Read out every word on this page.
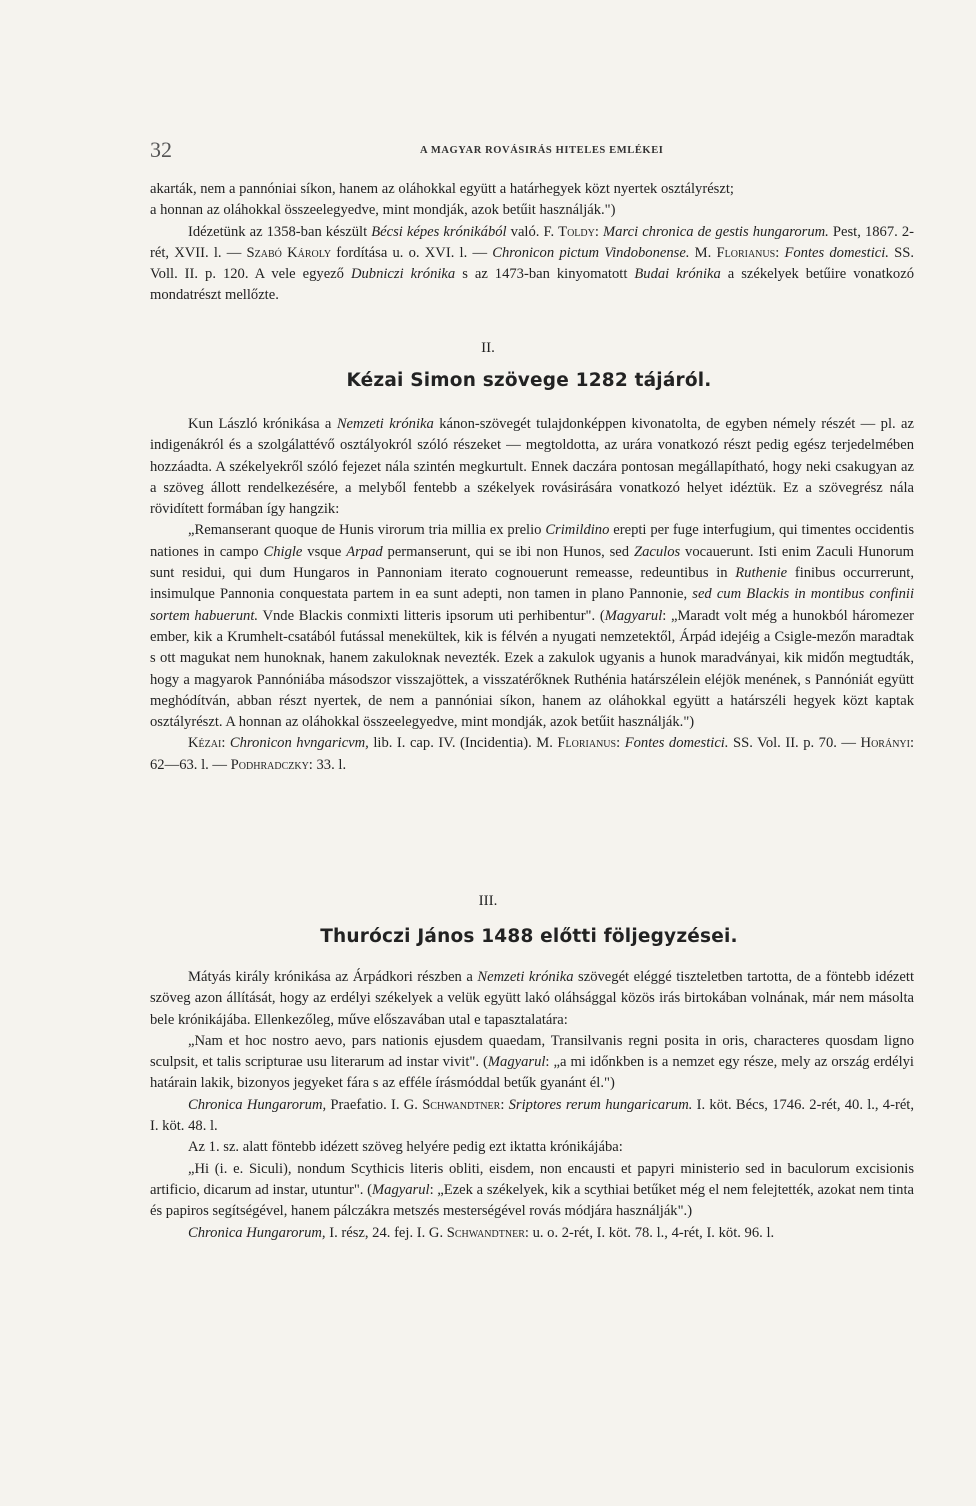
32	A MAGYAR ROVÁSIRÁS HITELES EMLÉKEI

akarták, nem a pannóniai síkon, hanem az oláhokkal együtt a határhegyek közt nyertek osztályrészt;

a honnan az oláhokkal összeelegyedve, mint mondják, azok betűit használják.")

Idézetünk az 1358-ban készült Bécsi képes krónikából való. F. Toldy: Marci chronica de gestis hungarorum. Pest, 1867. 2-rét, XVII. l. — Szabó Károly fordítása u. o. XVI. l. — Chronicon pictum Vindobonense. M. Florianus: Fontes domestici. SS. Voll. II. p. 120. A vele egyező Dubniczi krónika s az 1473-ban kinyomatott Budai krónika a székelyek betűire vonatkozó mondatrészt mellőzte.

II.
Kézai Simon szövege 1282 tájáról.

Kun László krónikása a Nemzeti krónika kánon-szövegét tulajdonképpen kivonatolta, de egyben némely részét — pl. az indigenákról és a szolgálattévő osztályokról szóló részeket — megtoldotta, az urára vonatkozó részt pedig egész terjedelmében hozzáadta. A székelyekről szóló fejezet nála szintén megkurtult. Ennek daczára pontosan megállapítható, hogy neki csakugyan az a szöveg állott rendelkezésére, a melyből fentebb a székelyek rovásirására vonatkozó helyet idéztük. Ez a szövegrész nála rövidített formában így hangzik:

„Remanserant quoque de Hunis virorum tria millia ex prelio Crimildino erepti per fuge interfugium, qui timentes occidentis nationes in campo Chigle vsque Arpad permanserunt, qui se ibi non Hunos, sed Zaculos vocauerunt. Isti enim Zaculi Hunorum sunt residui, qui dum Hungaros in Pannoniam iterato cognouerunt remeasse, redeuntibus in Ruthenie finibus occurrerunt, insimulque Pannonia conquestata partem in ea sunt adepti, non tamen in plano Pannonie, sed cum Blackis in montibus confinii sortem habuerunt. Vnde Blackis conmixti litteris ipsorum uti perhibentur". (Magyarul: „Maradt volt még a hunokból háromezer ember, kik a Krumhelt-csatából futással menekültek, kik is félvén a nyugati nemzetektől, Árpád idejéig a Csigle-mezőn maradtak s ott magukat nem hunoknak, hanem zakuloknak nevezték. Ezek a zakulok ugyanis a hunok maradványai, kik midőn megtudták, hogy a magyarok Pannóniába másodszor visszajöttek, a visszatérőknek Ruthénia határszélein eléjök menének, s Pannóniát együtt meghódítván, abban részt nyertek, de nem a pannóniai síkon, hanem az oláhokkal együtt a határszéli hegyek közt kaptak osztályrészt. A honnan az oláhokkal összeelegyedve, mint mondják, azok betűit használják.")

Kézai: Chronicon hvngaricvm, lib. I. cap. IV. (Incidentia). M. Florianus: Fontes domestici. SS. Vol. II. p. 70. — Horányi: 62—63. l. — Podhradczky: 33. l.

III.
Thuróczi János 1488 előtti följegyzései.

Mátyás király krónikása az Árpádkori részben a Nemzeti krónika szövegét eléggé tiszteletben tartotta, de a föntebb idézett szöveg azon állítását, hogy az erdélyi székelyek a velük együtt lakó oláhsággal közös irás birtokában volnának, már nem másolta bele krónikájába. Ellenkezőleg, műve előszavában utal e tapasztalatára:

„Nam et hoc nostro aevo, pars nationis ejusdem quaedam, Transilvanis regni posita in oris, characteres quosdam ligno sculpsit, et talis scripturae usu literarum ad instar vivit". (Magyarul: „a mi időnkben is a nemzet egy része, mely az ország erdélyi határain lakik, bizonyos jegyeket fára s az efféle írásmóddal betűk gyanánt él.")

Chronica Hungarorum, Praefatio. I. G. Schwandtner: Sriptores rerum hungaricarum. I. köt. Bécs, 1746. 2-rét, 40. l., 4-rét, I. köt. 48. l.

Az 1. sz. alatt föntebb idézett szöveg helyére pedig ezt iktatta krónikájába:

„Hi (i. e. Siculi), nondum Scythicis literis obliti, eisdem, non encausti et papyri ministerio sed in baculorum excisionis artificio, dicarum ad instar, utuntur". (Magyarul: „Ezek a székelyek, kik a scythiai betűket még el nem felejtették, azokat nem tinta és papiros segítségével, hanem pálczákra metszés mesterségével rovás módjára használják".)

Chronica Hungarorum, I. rész, 24. fej. I. G. Schwandtner: u. o. 2-rét, I. köt. 78. l., 4-rét, I. köt. 96. l.
